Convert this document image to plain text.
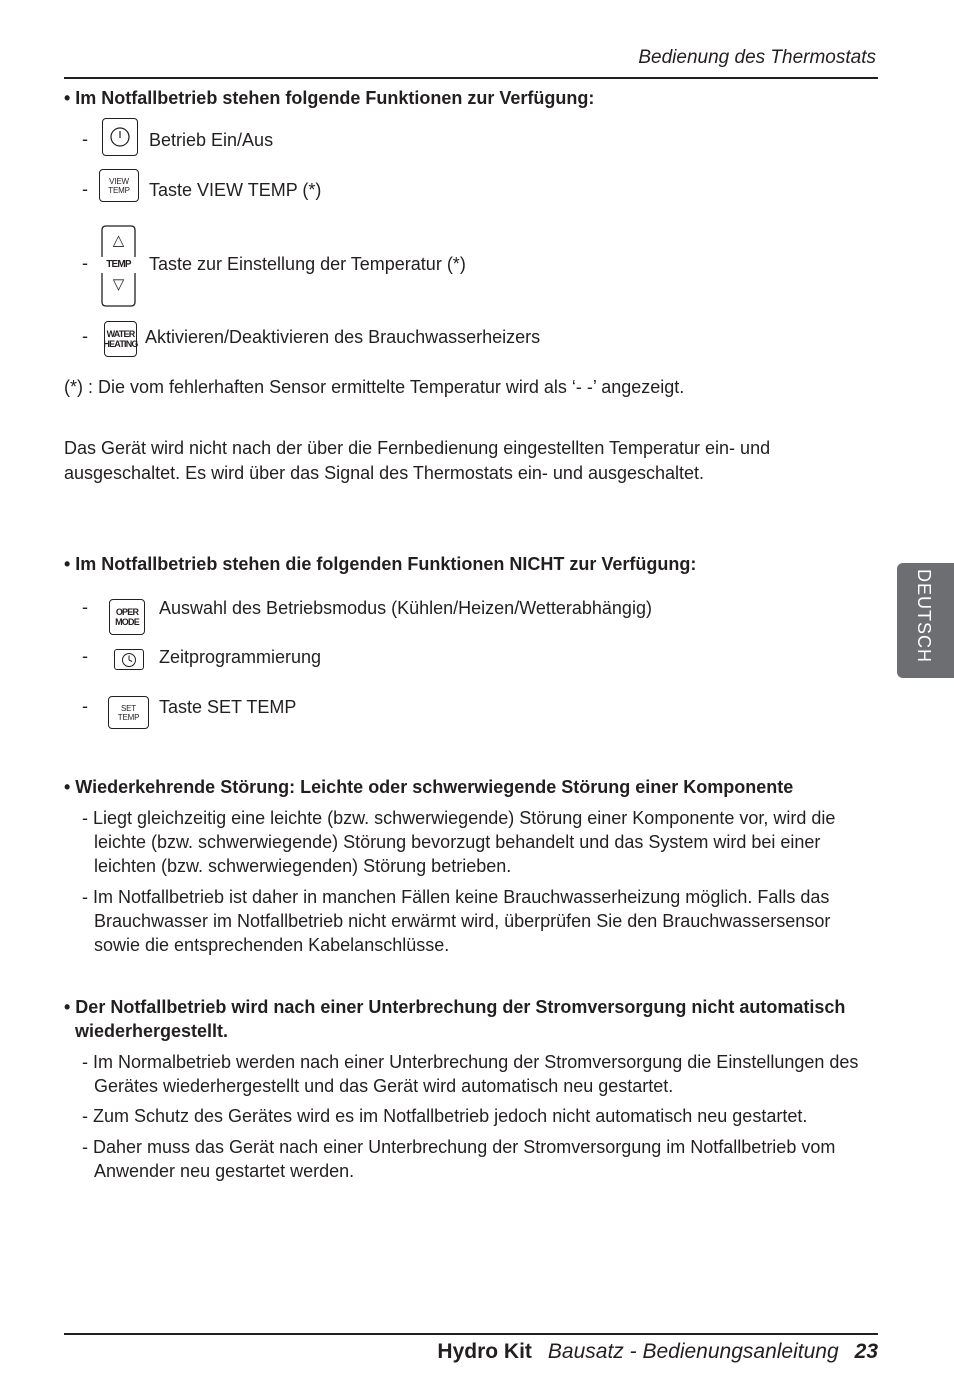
Bedienung des Thermostats
• Im Notfallbetrieb stehen folgende Funktionen zur Verfügung:
-	Betrieb Ein/Aus
-	VIEW
TEMP Taste VIEW TEMP (*)
-
△
TEMP
▽
Taste zur Einstellung der Temperatur (*)
- WATER
HEATING Aktivieren/Deaktivieren des Brauchwasserheizers
(*) : Die vom fehlerhaften Sensor ermittelte Temperatur wird als ‘- -’ angezeigt.
Das Gerät wird nicht nach der über die Fernbedienung eingestellten Temperatur ein- und
ausgeschaltet. Es wird über das Signal des Thermostats ein- und ausgeschaltet.
• Im Notfallbetrieb stehen die folgenden Funktionen NICHT zur Verfügung:
-	OPER
MODE
Auswahl des Betriebsmodus (Kühlen/Heizen/Wetterabhängig)
-	Zeitprogrammierung
-	SET
TEMP Taste SET TEMP
• Wiederkehrende Störung: Leichte oder schwerwiegende Störung einer Komponente
- Liegt gleichzeitig eine leichte (bzw. schwerwiegende) Störung einer Komponente vor, wird die
leichte (bzw. schwerwiegende) Störung bevorzugt behandelt und das System wird bei einer
leichten (bzw. schwerwiegenden) Störung betrieben.
- Im Notfallbetrieb ist daher in manchen Fällen keine Brauchwasserheizung möglich. Falls das
Brauchwasser im Notfallbetrieb nicht erwärmt wird, überprüfen Sie den Brauchwassersensor
sowie die entsprechenden Kabelanschlüsse.
• Der Notfallbetrieb wird nach einer Unterbrechung der Stromversorgung nicht automatisch
wiederhergestellt.
- Im Normalbetrieb werden nach einer Unterbrechung der Stromversorgung die Einstellungen des
Gerätes wiederhergestellt und das Gerät wird automatisch neu gestartet.
- Zum Schutz des Gerätes wird es im Notfallbetrieb jedoch nicht automatisch neu gestartet.
- Daher muss das Gerät nach einer Unterbrechung der Stromversorgung im Notfallbetrieb vom
Anwender neu gestartet werden.
DEUTSCH
Hydro Kit Bausatz - Bedienungsanleitung 23
